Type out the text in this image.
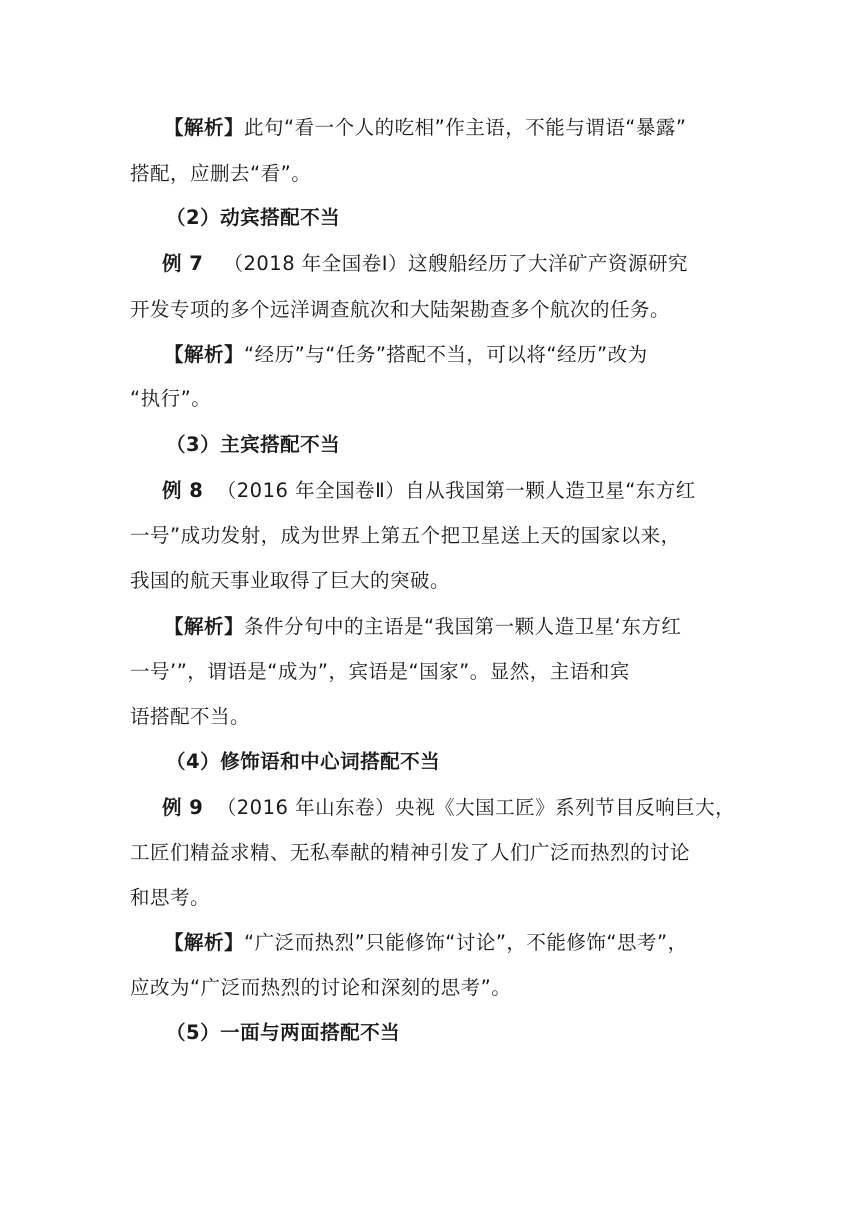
【解析】此句“看一个人的吃相”作主语，不能与谓语“暴露”
搭配，应删去“看”。
（2）动宾搭配不当
例 7 （2018 年全国卷Ⅰ）这艘船经历了大洋矿产资源研究
开发专项的多个远洋调查航次和大陆架勘查多个航次的任务。
【解析】“经历”与“任务”搭配不当，可以将“经历”改为
“执行”。
（3）主宾搭配不当
例 8 （2016 年全国卷Ⅱ）自从我国第一颗人造卫星“东方红
一号”成功发射，成为世界上第五个把卫星送上天的国家以来，
我国的航天事业取得了巨大的突破。
【解析】条件分句中的主语是“我国第一颗人造卫星‘东方红
一号’”，谓语是“成为”，宾语是“国家”。显然，主语和宾
语搭配不当。
（4）修饰语和中心词搭配不当
例 9 （2016 年山东卷）央视《大国工匠》系列节目反响巨大，
工匠们精益求精、无私奉献的精神引发了人们广泛而热烈的讨论
和思考。
【解析】“广泛而热烈”只能修饰“讨论”，不能修饰“思考”，
应改为“广泛而热烈的讨论和深刻的思考”。
（5）一面与两面搭配不当
